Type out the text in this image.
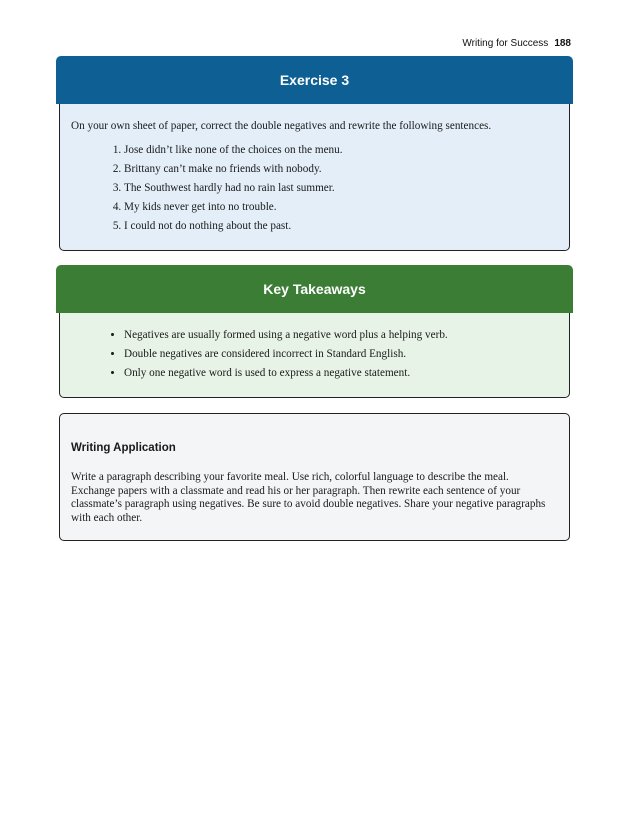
Writing for Success 188
Exercise 3

On your own sheet of paper, correct the double negatives and rewrite the following sentences.

1. Jose didn’t like none of the choices on the menu.
2. Brittany can’t make no friends with nobody.
3. The Southwest hardly had no rain last summer.
4. My kids never get into no trouble.
5. I could not do nothing about the past.
Key Takeaways
• Negatives are usually formed using a negative word plus a helping verb.
• Double negatives are considered incorrect in Standard English.
• Only one negative word is used to express a negative statement.
Writing Application

Write a paragraph describing your favorite meal. Use rich, colorful language to describe the meal. Exchange papers with a classmate and read his or her paragraph. Then rewrite each sentence of your classmate’s paragraph using negatives. Be sure to avoid double negatives. Share your negative paragraphs with each other.
